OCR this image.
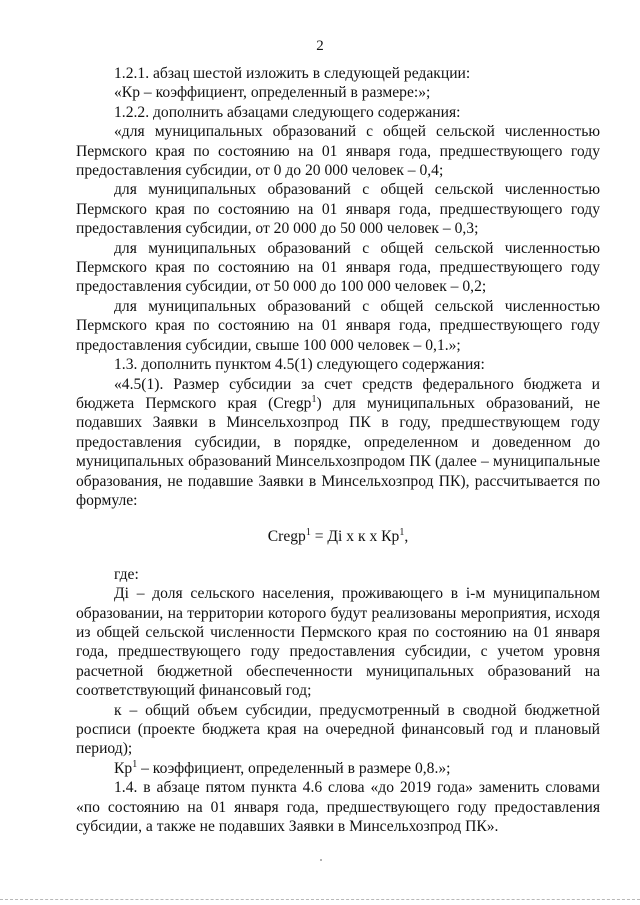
2

1.2.1. абзац шестой изложить в следующей редакции:

«Кр – коэффициент, определенный в размере:»;

1.2.2. дополнить абзацами следующего содержания:

«для муниципальных образований с общей сельской численностью Пермского края по состоянию на 01 января года, предшествующего году предоставления субсидии, от 0 до 20 000 человек – 0,4;

для муниципальных образований с общей сельской численностью Пермского края по состоянию на 01 января года, предшествующего году предоставления субсидии, от 20 000 до 50 000 человек – 0,3;

для муниципальных образований с общей сельской численностью Пермского края по состоянию на 01 января года, предшествующего году предоставления субсидии, от 50 000 до 100 000 человек – 0,2;

для муниципальных образований с общей сельской численностью Пермского края по состоянию на 01 января года, предшествующего году предоставления субсидии, свыше 100 000 человек – 0,1.»;

1.3. дополнить пунктом 4.5(1) следующего содержания:

«4.5(1). Размер субсидии за счет средств федерального бюджета и бюджета Пермского края (Cregр$^1$) для муниципальных образований, не подавших Заявки в Минсельхозпрод ПК в году, предшествующем году предоставления субсидии, в порядке, определенном и доведенном до муниципальных образований Минсельхозпродом ПК (далее – муниципальные образования, не подавшие Заявки в Минсельхозпрод ПК), рассчитывается по формуле:

Cregр$^1$ = Дi x к x $Кр^1$,

где:

Дi – доля сельского населения, проживающего в i-м муниципальном образовании, на территории которого будут реализованы мероприятия, исходя из общей сельской численности Пермского края по состоянию на 01 января года, предшествующего году предоставления субсидии, с учетом уровня расчетной бюджетной обеспеченности муниципальных образований на соответствующий финансовый год;

к – общий объем субсидии, предусмотренный в сводной бюджетной росписи (проекте бюджета края на очередной финансовый год и плановый период);

$Кр^1$ – коэффициент, определенный в размере 0,8.»;

1.4. в абзаце пятом пункта 4.6 слова «до 2019 года» заменить словами «по состоянию на 01 января года, предшествующего году предоставления субсидии, а также не подавших Заявки в Минсельхозпрод ПК».
